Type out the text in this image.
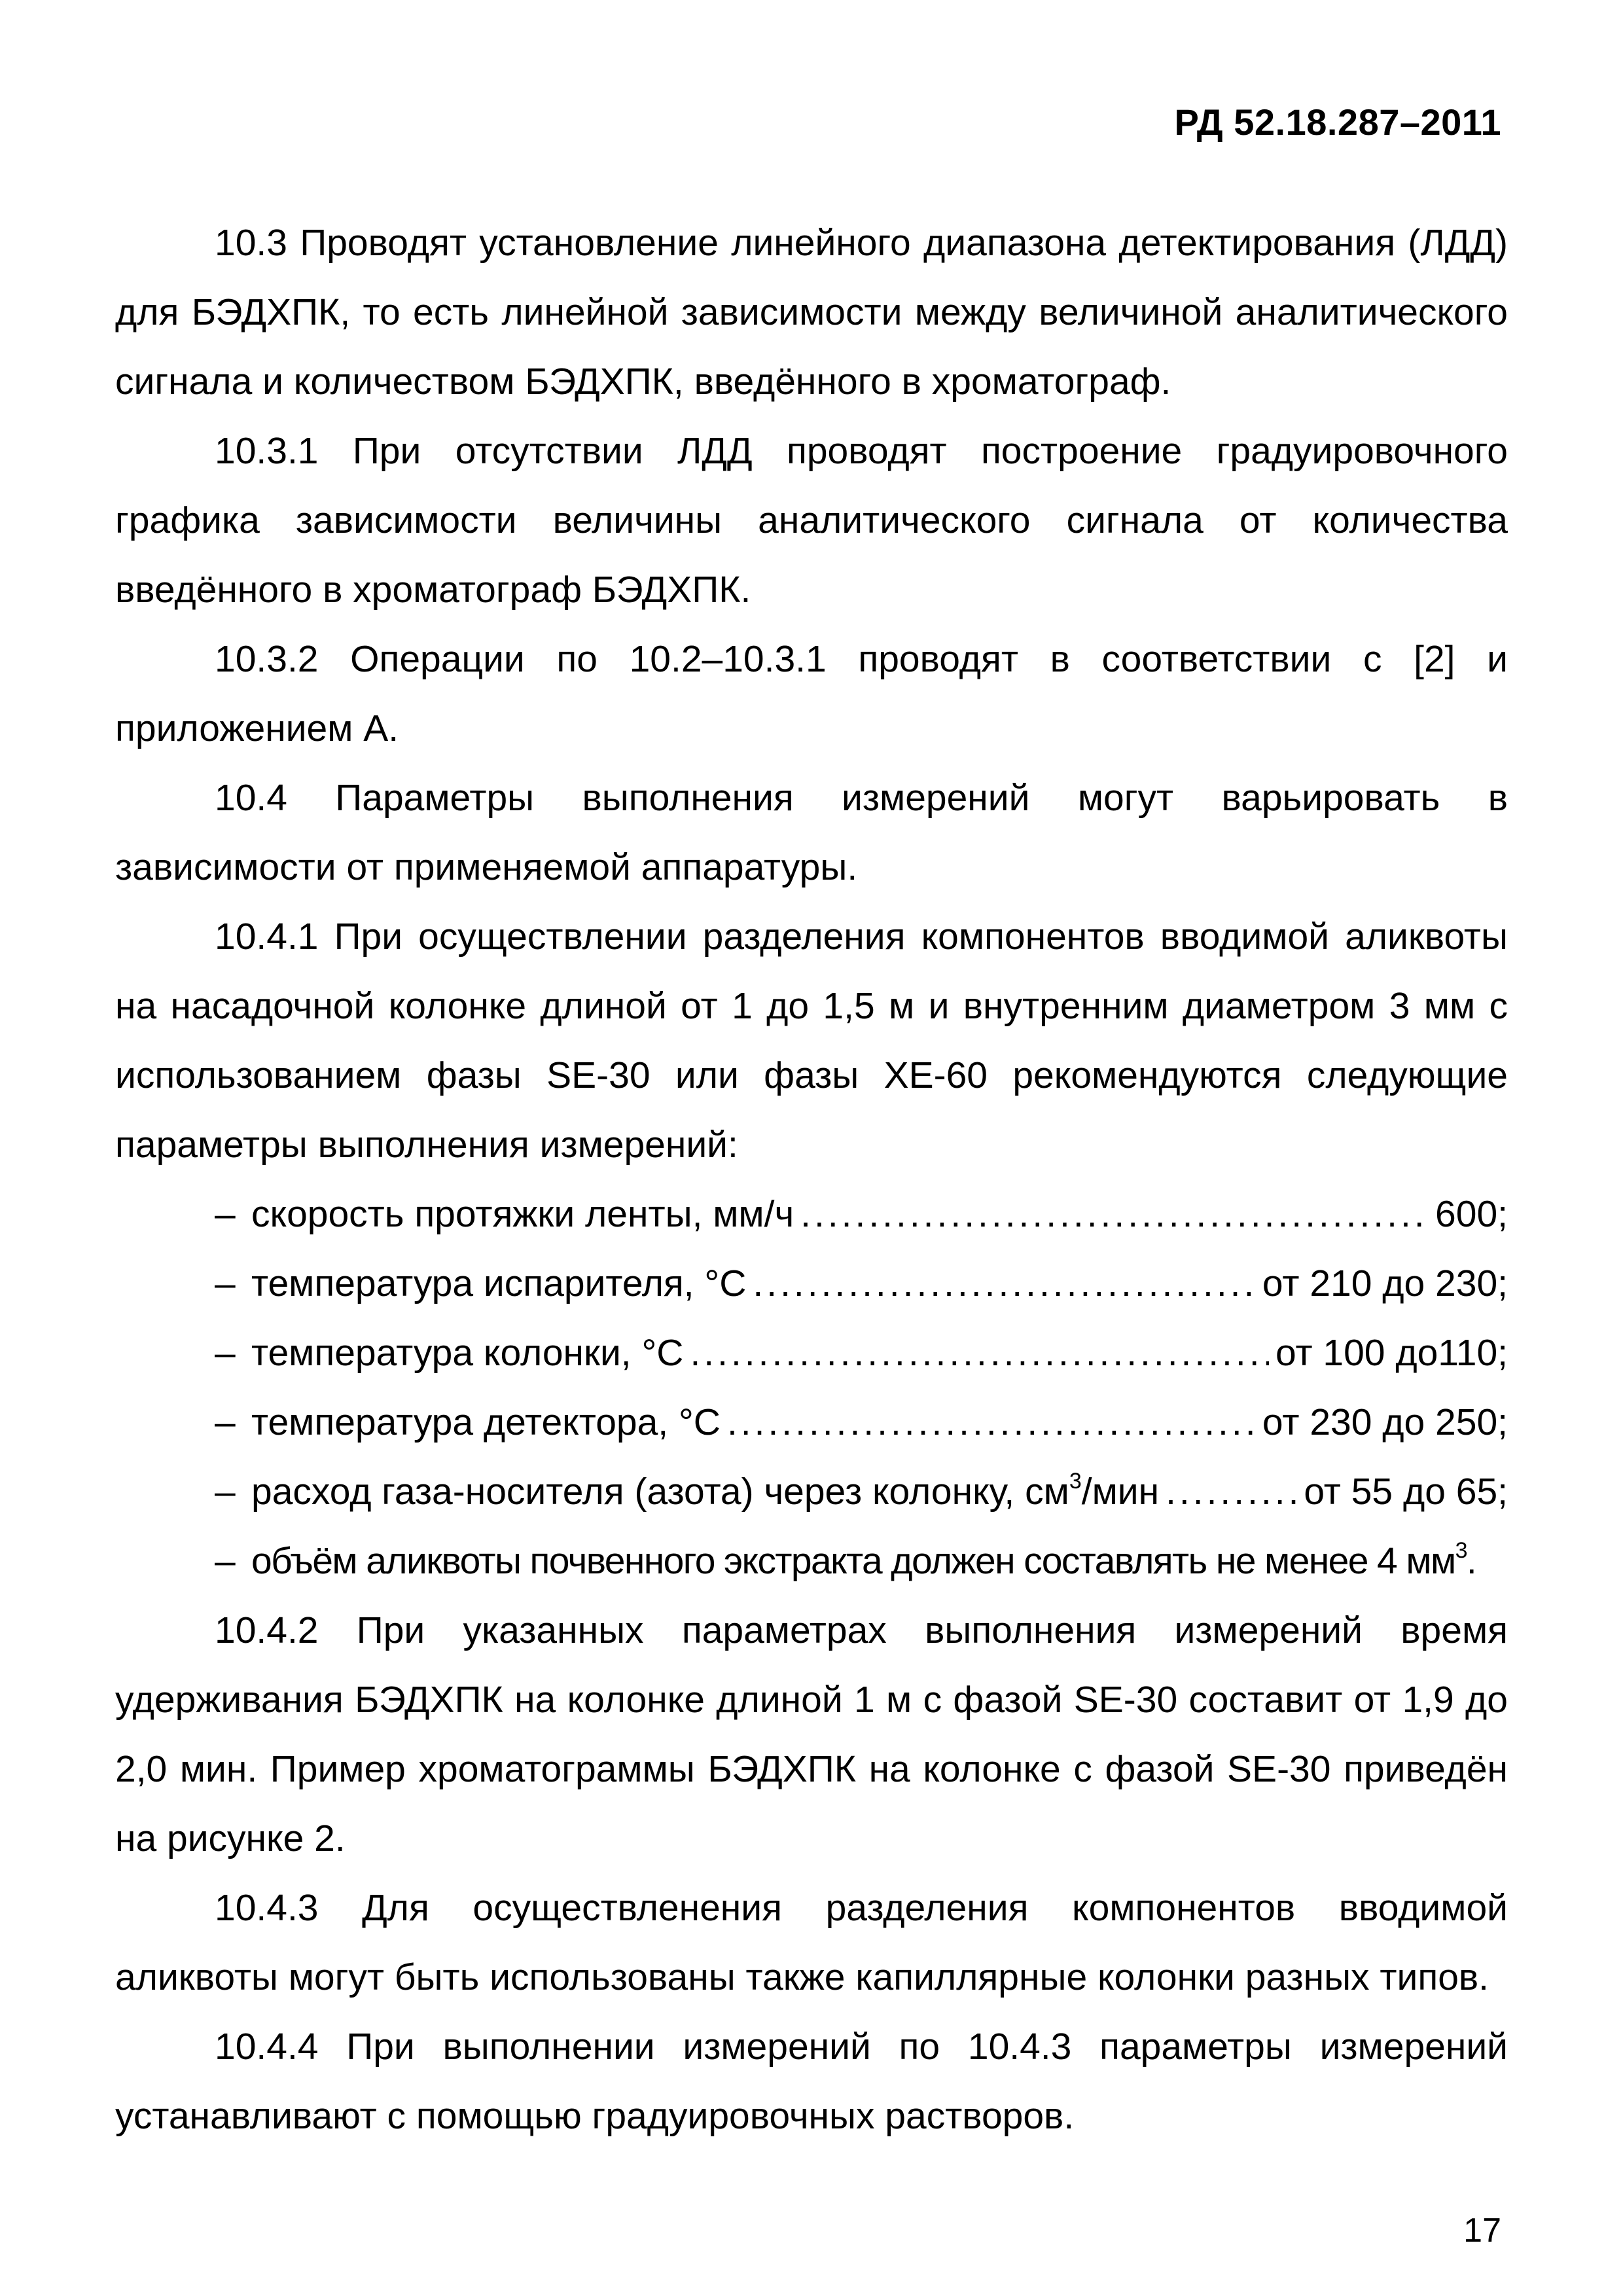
РД 52.18.287–2011

10.3 Проводят установление линейного диапазона детектирования (ЛДД) для БЭДХПК, то есть линейной зависимости между величиной аналитического сигнала и количеством БЭДХПК, введённого в хроматограф.

10.3.1 При отсутствии ЛДД проводят построение градуировочного графика зависимости величины аналитического сигнала от количества введённого в хроматограф БЭДХПК.

10.3.2 Операции по 10.2–10.3.1 проводят в соответствии с [2] и приложением А.

10.4 Параметры выполнения измерений могут варьировать в зависимости от применяемой аппаратуры.

10.4.1 При осуществлении разделения компонентов вводимой аликвоты на насадочной колонке длиной от 1 до 1,5 м и внутренним диаметром 3 мм с использованием фазы SE-30 или фазы XE-60 рекомендуются следующие параметры выполнения измерений:

– скорость протяжки ленты, мм/ч .....	600;
– температура испарителя, °С .....	от 210 до 230;
– температура колонки, °С .....	от 100 до110;
– температура детектора, °С .....	от 230 до 250;
– расход газа-носителя (азота) через колонку, $см^3$/мин .....	от 55 до 65;
– объём аликвоты почвенного экстракта должен составлять не менее 4 $мм^3$.

10.4.2 При указанных параметрах выполнения измерений время удерживания БЭДХПК на колонке длиной 1 м с фазой SE-30 составит от 1,9 до 2,0 мин. Пример хроматограммы БЭДХПК на колонке с фазой SE-30 приведён на рисунке 2.

10.4.3 Для осуществленения разделения компонентов вводимой аликвоты могут быть использованы также капиллярные колонки разных типов.

10.4.4 При выполнении измерений по 10.4.3 параметры измерений устанавливают с помощью градуировочных растворов.

17
